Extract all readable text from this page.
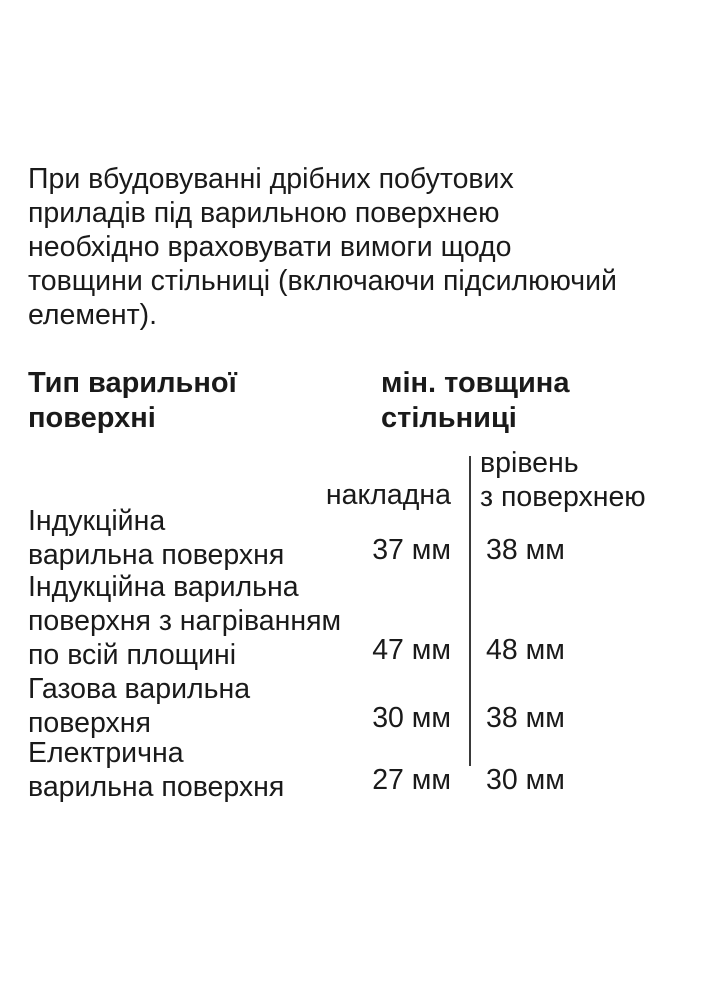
При вбудовуванні дрібних побутових
приладів під варильною поверхнею
необхідно враховувати вимоги щодо
товщини стільниці (включаючи підсилюючий
елемент).

Тип варильної
поверхні
мін. товщина
стільниці
накладна
врівень
з поверхнею
Індукційна
варильна поверхня	37 мм 38 мм
Індукційна варильна
поверхня з нагріванням
по всій площині	47 мм 48 мм
Газова варильна
поверхня	30 мм 38 мм
Електрична
варильна поверхня	27 мм 30 мм
